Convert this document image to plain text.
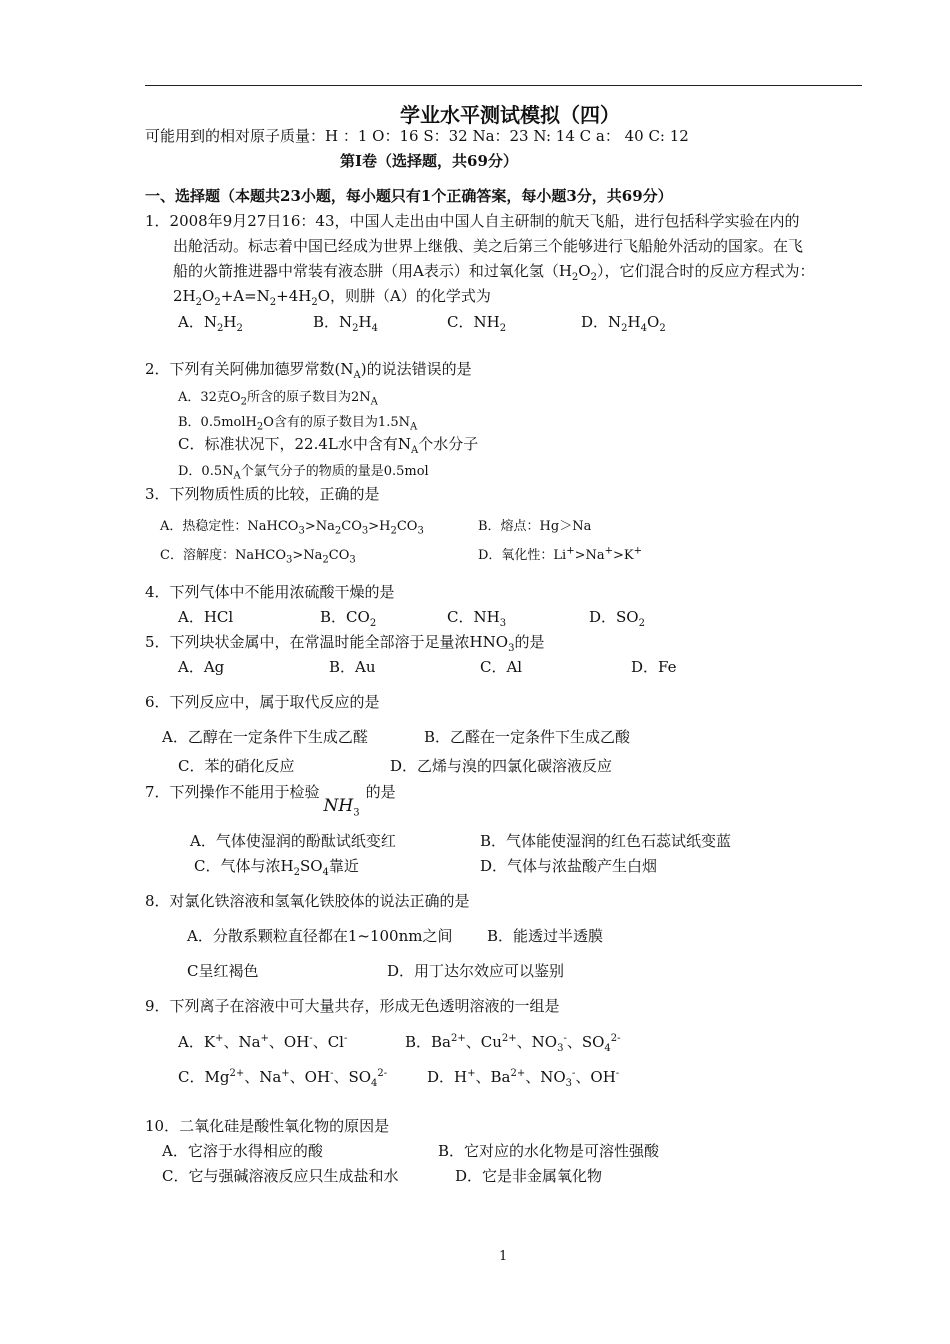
学业水平测试模拟（四）
可能用到的相对原子质量：H ：1 O：16 S：32 Na：23 N: 14 C a： 40 C: 12
第Ⅰ卷（选择题，共69分）
一、选择题（本题共23小题，每小题只有1个正确答案，每小题3分，共69分）
1．2008年9月27日16：43，中国人走出由中国人自主研制的航天飞船，进行包括科学实验在内的
出舱活动。标志着中国已经成为世界上继俄、美之后第三个能够进行飞船舱外活动的国家。在飞
船的火箭推进器中常装有液态肼（用A表示）和过氧化氢$(H_2O_2)$，它们混合时的反应方程式为：
$2H_2O_2+A=N_2+4H_2O$，则肼（A）的化学式为
A．$N_2H_2$	B．$N_2H_4$	C．$NH_2$	D．$N_2H_4O_2$
2．下列有关阿佛加德罗常数$(N_A)$的说法错误的是
A．32克$O_2$所含的原子数目为$2N_A$
B．0.5molH$_2$O含有的原子数目为$1.5N_A$
C．标准状况下，22.4L水中含有$N_A$个水分子
D．$0.5N_A$个氯气分子的物质的量是0.5mol
3．下列物质性质的比较，正确的是
A．热稳定性：$NaHCO_3>Na_2CO_3>H_2CO_3$	B．熔点：Hg＞Na
C．溶解度：$NaHCO_3>Na_2CO_3$	D．氧化性：Li+>Na+>K+
4．下列气体中不能用浓硫酸干燥的是
A．HCl	B．$CO_2$	C．$NH_3$	D．$SO_2$
5．下列块状金属中，在常温时能全部溶于足量浓$HNO_3$的是
A．Ag	B．Au	C．Al	D．Fe
6．下列反应中，属于取代反应的是
A．乙醇在一定条件下生成乙醛	B．乙醛在一定条件下生成乙酸
C．苯的硝化反应	D．乙烯与溴的四氯化碳溶液反应
7．下列操作不能用于检验$NH_3$的是
A．气体使湿润的酚酞试纸变红	B．气体能使湿润的红色石蕊试纸变蓝
C．气体与浓$H_2SO_4$靠近	D．气体与浓盐酸产生白烟
8．对氯化铁溶液和氢氧化铁胶体的说法正确的是
A．分散系颗粒直径都在1~100nm之间 B．能透过半透膜
C呈红褐色	D．用丁达尔效应可以鉴别
9．下列离子在溶液中可大量共存，形成无色透明溶液的一组是
A．K+、Na+、OH-、Cl-	B．$Ba^{2+}$、$Cu^{2+}$、$NO_3^-$、$SO_4^{2-}$
C．$Mg^{2+}$、Na+、OH-、$SO_4^{2-}$	D．H+、$Ba^{2+}$、$NO_3^-$、OH-
10．二氧化硅是酸性氧化物的原因是
A．它溶于水得相应的酸	B．它对应的水化物是可溶性强酸
C．它与强碱溶液反应只生成盐和水	D．它是非金属氧化物
1
